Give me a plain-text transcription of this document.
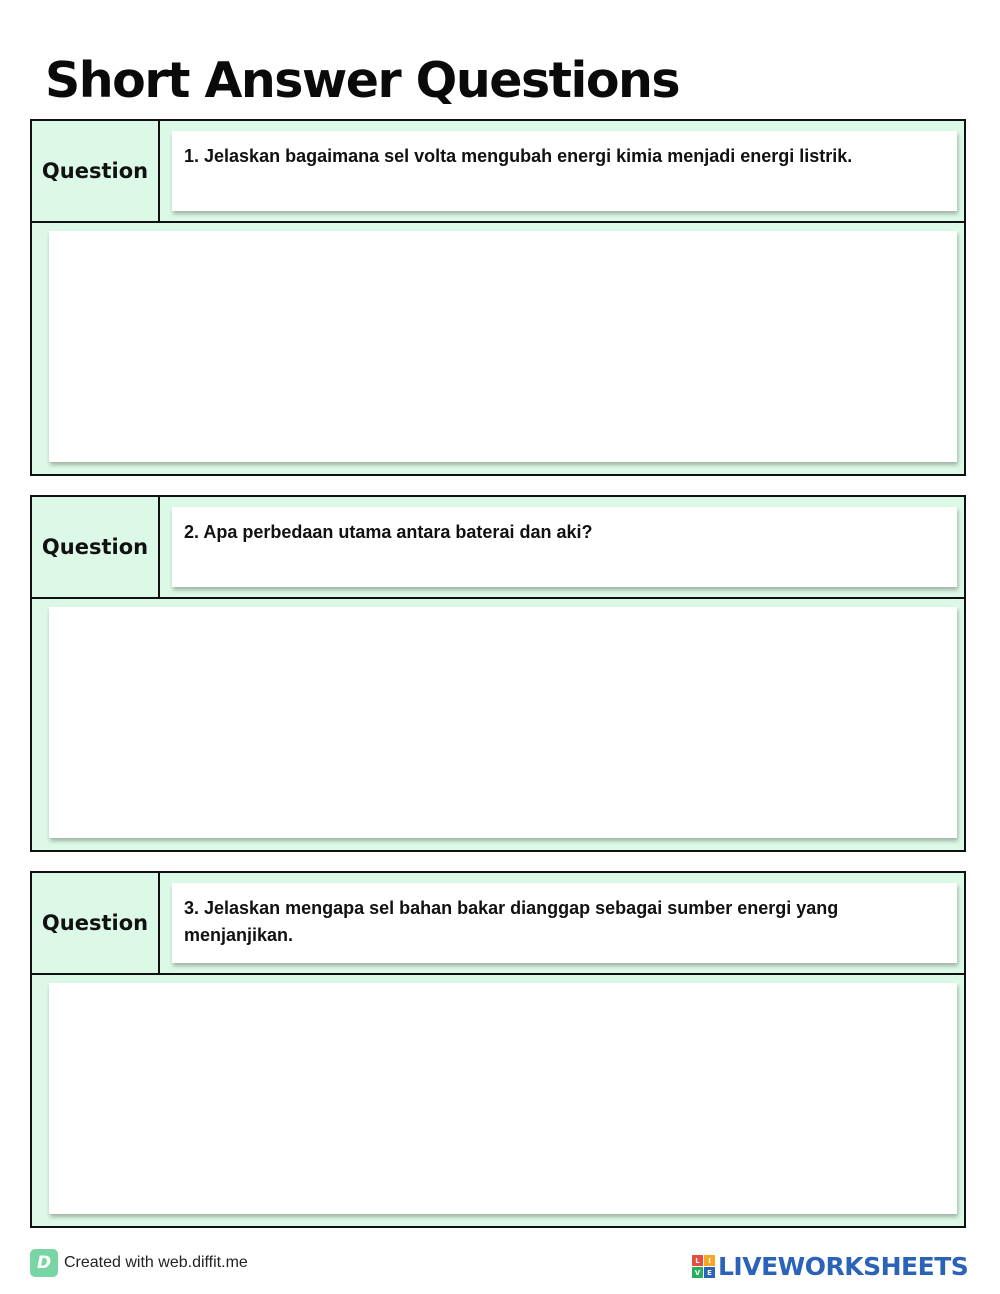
Short Answer Questions
Question
1. Jelaskan bagaimana sel volta mengubah energi kimia menjadi energi listrik.
Question
2. Apa perbedaan utama antara baterai dan aki?
Question
3. Jelaskan mengapa sel bahan bakar dianggap sebagai sumber energi yang menjanjikan.
D Created with web.diffit.me	L	I
V E LIVEWORKSHEETS
